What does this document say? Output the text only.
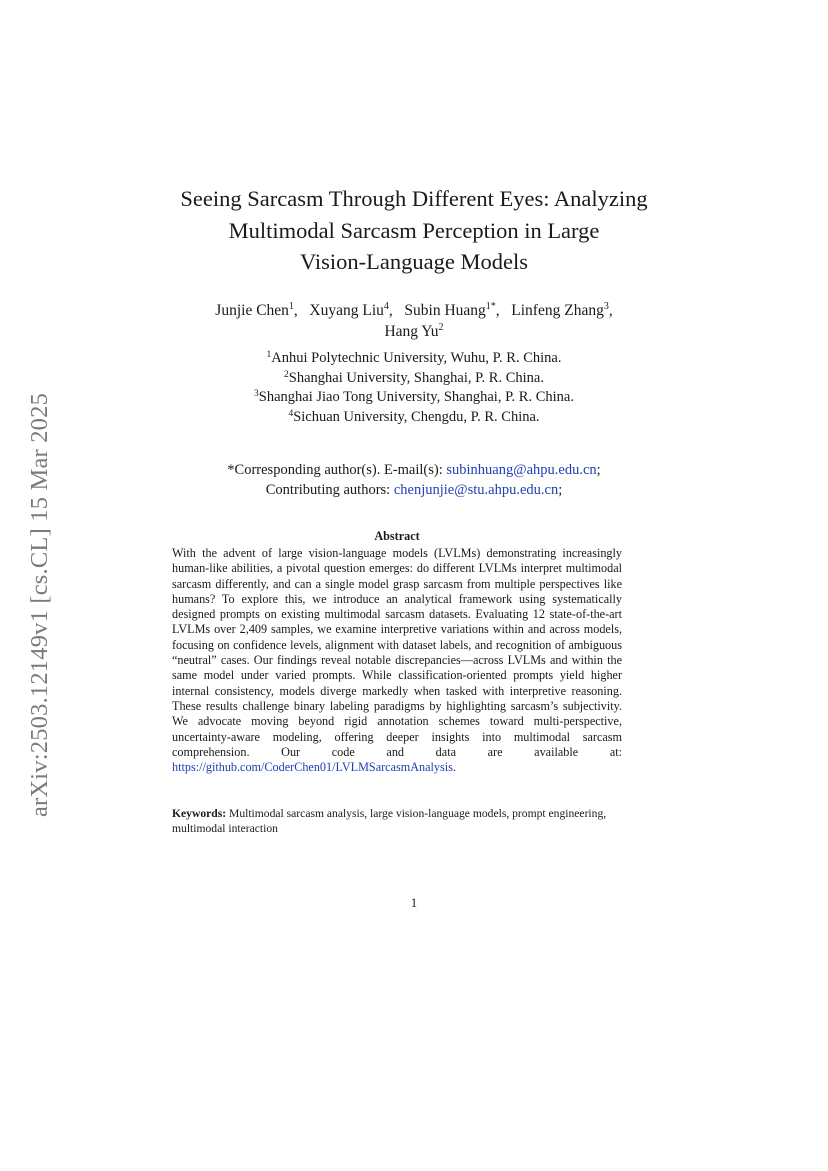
arXiv:2503.12149v1 [cs.CL] 15 Mar 2025
Seeing Sarcasm Through Different Eyes: Analyzing
Multimodal Sarcasm Perception in Large
Vision-Language Models
Junjie Chen$^1$,   Xuyang Liu$^4$,   Subin Huang$^{1*}$,   Linfeng Zhang$^3$,
Hang Yu$^2$
$^1$Anhui Polytechnic University, Wuhu, P. R. China.
$^2$Shanghai University, Shanghai, P. R. China.
$^3$Shanghai Jiao Tong University, Shanghai, P. R. China.
$^4$Sichuan University, Chengdu, P. R. China.
*Corresponding author(s). E-mail(s): subinhuang@ahpu.edu.cn;
Contributing authors: chenjunjie@stu.ahpu.edu.cn;
Abstract
With the advent of large vision-language models (LVLMs) demonstrating increasingly human-like abilities, a pivotal question emerges: do different LVLMs interpret multimodal sarcasm differently, and can a single model grasp sarcasm from multiple perspectives like humans? To explore this, we introduce an analytical framework using systematically designed prompts on existing multimodal sarcasm datasets. Evaluating 12 state-of-the-art LVLMs over 2,409 samples, we examine interpretive variations within and across models, focusing on confidence levels, alignment with dataset labels, and recognition of ambiguous “neutral” cases. Our findings reveal notable discrepancies—across LVLMs and within the same model under varied prompts. While classification-oriented prompts yield higher internal consistency, models diverge markedly when tasked with interpretive reasoning. These results challenge binary labeling paradigms by highlighting sarcasm’s subjectivity. We advocate moving beyond rigid annotation schemes toward multi-perspective, uncertainty-aware modeling, offering deeper insights into multimodal sarcasm comprehension. Our code and data are available at: https://github.com/CoderChen01/LVLMSarcasmAnalysis.
Keywords: Multimodal sarcasm analysis, large vision-language models, prompt engineering, multimodal interaction
1
